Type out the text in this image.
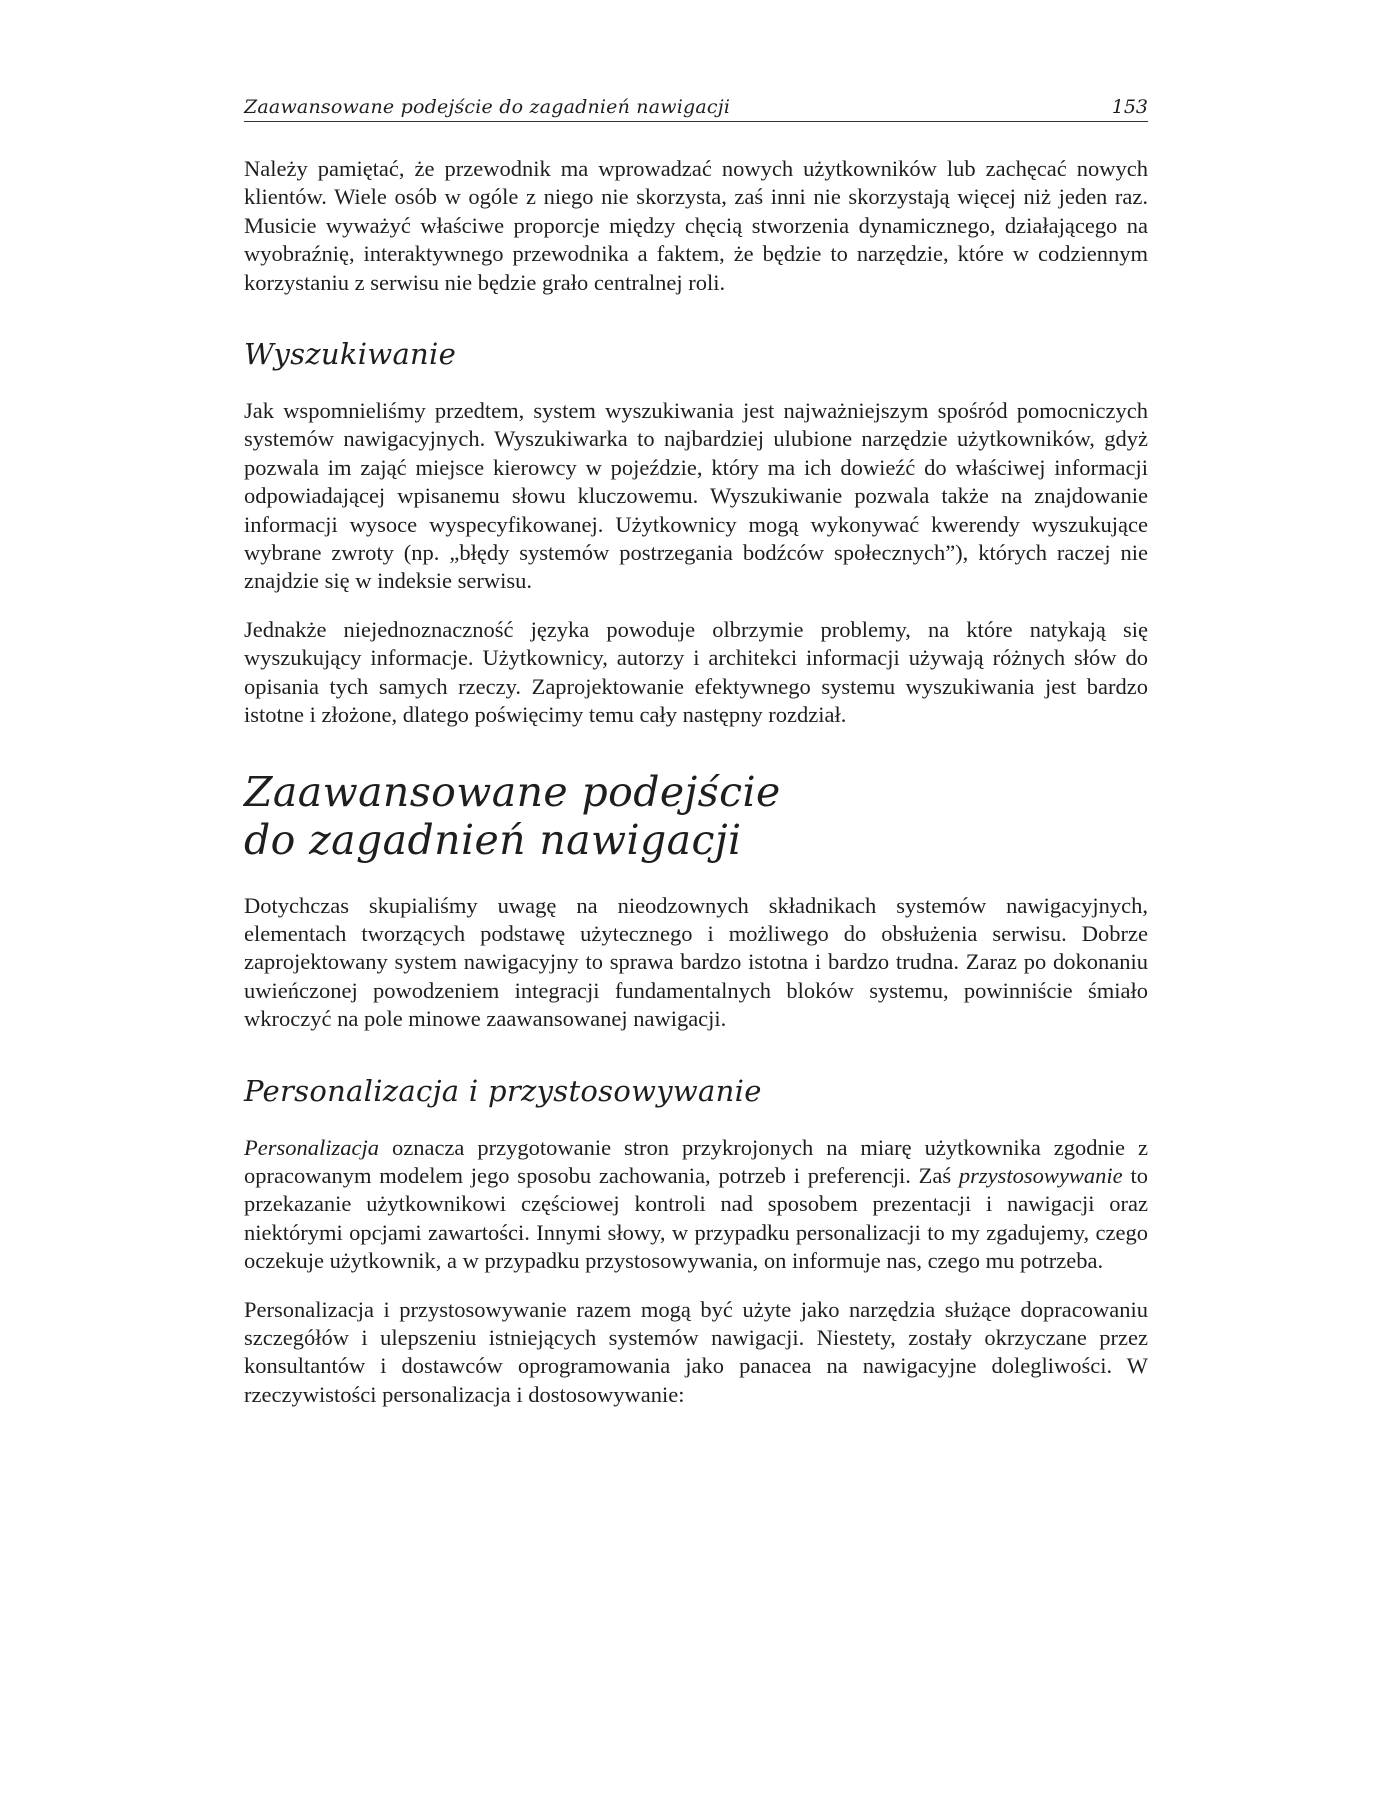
Zaawansowane podejście do zagadnień nawigacji	153

Należy pamiętać, że przewodnik ma wprowadzać nowych użytkowników lub zachęcać nowych klientów. Wiele osób w ogóle z niego nie skorzysta, zaś inni nie skorzystają więcej niż jeden raz. Musicie wyważyć właściwe proporcje między chęcią stworzenia dynamicznego, działającego na wyobraźnię, interaktywnego przewodnika a faktem, że będzie to narzędzie, które w codziennym korzystaniu z serwisu nie będzie grało centralnej roli.

Wyszukiwanie

Jak wspomnieliśmy przedtem, system wyszukiwania jest najważniejszym spośród pomocniczych systemów nawigacyjnych. Wyszukiwarka to najbardziej ulubione narzędzie użytkowników, gdyż pozwala im zająć miejsce kierowcy w pojeździe, który ma ich dowieźć do właściwej informacji odpowiadającej wpisanemu słowu kluczowemu. Wyszukiwanie pozwala także na znajdowanie informacji wysoce wyspecyfikowanej. Użytkownicy mogą wykonywać kwerendy wyszukujące wybrane zwroty (np. „błędy systemów postrzegania bodźców społecznych”), których raczej nie znajdzie się w indeksie serwisu.

Jednakże niejednoznaczność języka powoduje olbrzymie problemy, na które natykają się wyszukujący informacje. Użytkownicy, autorzy i architekci informacji używają różnych słów do opisania tych samych rzeczy. Zaprojektowanie efektywnego systemu wyszukiwania jest bardzo istotne i złożone, dlatego poświęcimy temu cały następny rozdział.

Zaawansowane podejście
do zagadnień nawigacji

Dotychczas skupialiśmy uwagę na nieodzownych składnikach systemów nawigacyjnych, elementach tworzących podstawę użytecznego i możliwego do obsłużenia serwisu. Dobrze zaprojektowany system nawigacyjny to sprawa bardzo istotna i bardzo trudna. Zaraz po dokonaniu uwieńczonej powodzeniem integracji fundamentalnych bloków systemu, powinniście śmiało wkroczyć na pole minowe zaawansowanej nawigacji.

Personalizacja i przystosowywanie

Personalizacja oznacza przygotowanie stron przykrojonych na miarę użytkownika zgodnie z opracowanym modelem jego sposobu zachowania, potrzeb i preferencji. Zaś przystosowywanie to przekazanie użytkownikowi częściowej kontroli nad sposobem prezentacji i nawigacji oraz niektórymi opcjami zawartości. Innymi słowy, w przypadku personalizacji to my zgadujemy, czego oczekuje użytkownik, a w przypadku przystosowywania, on informuje nas, czego mu potrzeba.

Personalizacja i przystosowywanie razem mogą być użyte jako narzędzia służące dopracowaniu szczegółów i ulepszeniu istniejących systemów nawigacji. Niestety, zostały okrzyczane przez konsultantów i dostawców oprogramowania jako panacea na nawigacyjne dolegliwości. W rzeczywistości personalizacja i dostosowywanie:
